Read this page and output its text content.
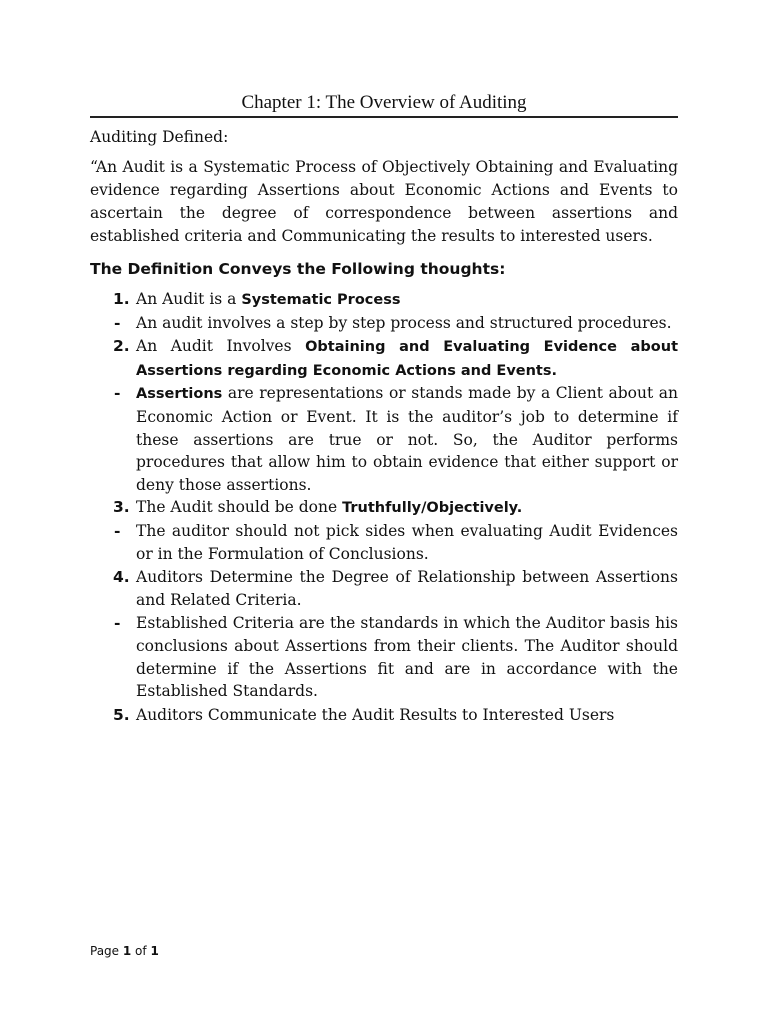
Chapter 1: The Overview of Auditing

Auditing Defined:

“An Audit is a Systematic Process of Objectively Obtaining and Evaluating evidence regarding Assertions about Economic Actions and Events to ascertain the degree of correspondence between assertions and established criteria and Communicating the results to interested users.

The Definition Conveys the Following thoughts:

1. An Audit is a Systematic Process
-	An audit involves a step by step process and structured procedures.
2. An Audit Involves Obtaining and Evaluating Evidence about Assertions regarding Economic Actions and Events.
-	Assertions are representations or stands made by a Client about an Economic Action or Event. It is the auditor’s job to determine if these assertions are true or not. So, the Auditor performs procedures that allow him to obtain evidence that either support or deny those assertions.
3. The Audit should be done Truthfully/Objectively.
-	The auditor should not pick sides when evaluating Audit Evidences or in the Formulation of Conclusions.
4. Auditors Determine the Degree of Relationship between Assertions and Related Criteria.
-	Established Criteria are the standards in which the Auditor basis his conclusions about Assertions from their clients. The Auditor should determine if the Assertions fit and are in accordance with the Established Standards.
5. Auditors Communicate the Audit Results to Interested Users
Page 1 of 1
